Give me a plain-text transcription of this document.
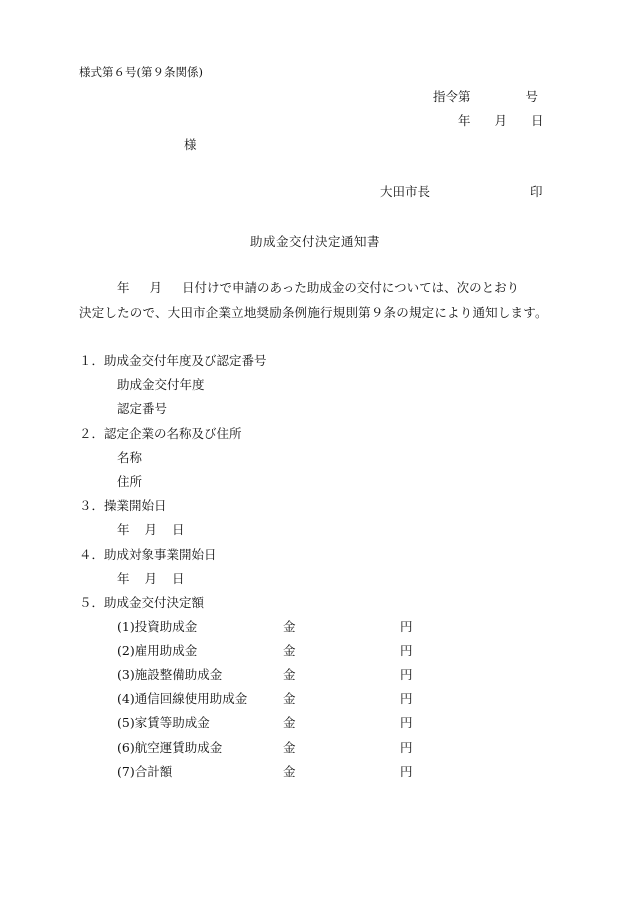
様式第６号(第９条関係)
指令第	号
年 月 日
様
大田市長	印
助成金交付決定通知書
年 月 日付けで申請のあった助成金の交付については、次のとおり
決定したので、大田市企業立地奨励条例施行規則第９条の規定により通知します。
１．助成金交付年度及び認定番号
助成金交付年度
認定番号
２．認定企業の名称及び住所
名称
住所
３．操業開始日
年 月 日
４．助成対象事業開始日
年 月 日
５．助成金交付決定額
(1)投資助成金	金	円
(2)雇用助成金	金	円
(3)施設整備助成金	金	円
(4)通信回線使用助成金	金	円
(5)家賃等助成金	金	円
(6)航空運賃助成金	金	円
(7)合計額	金	円
